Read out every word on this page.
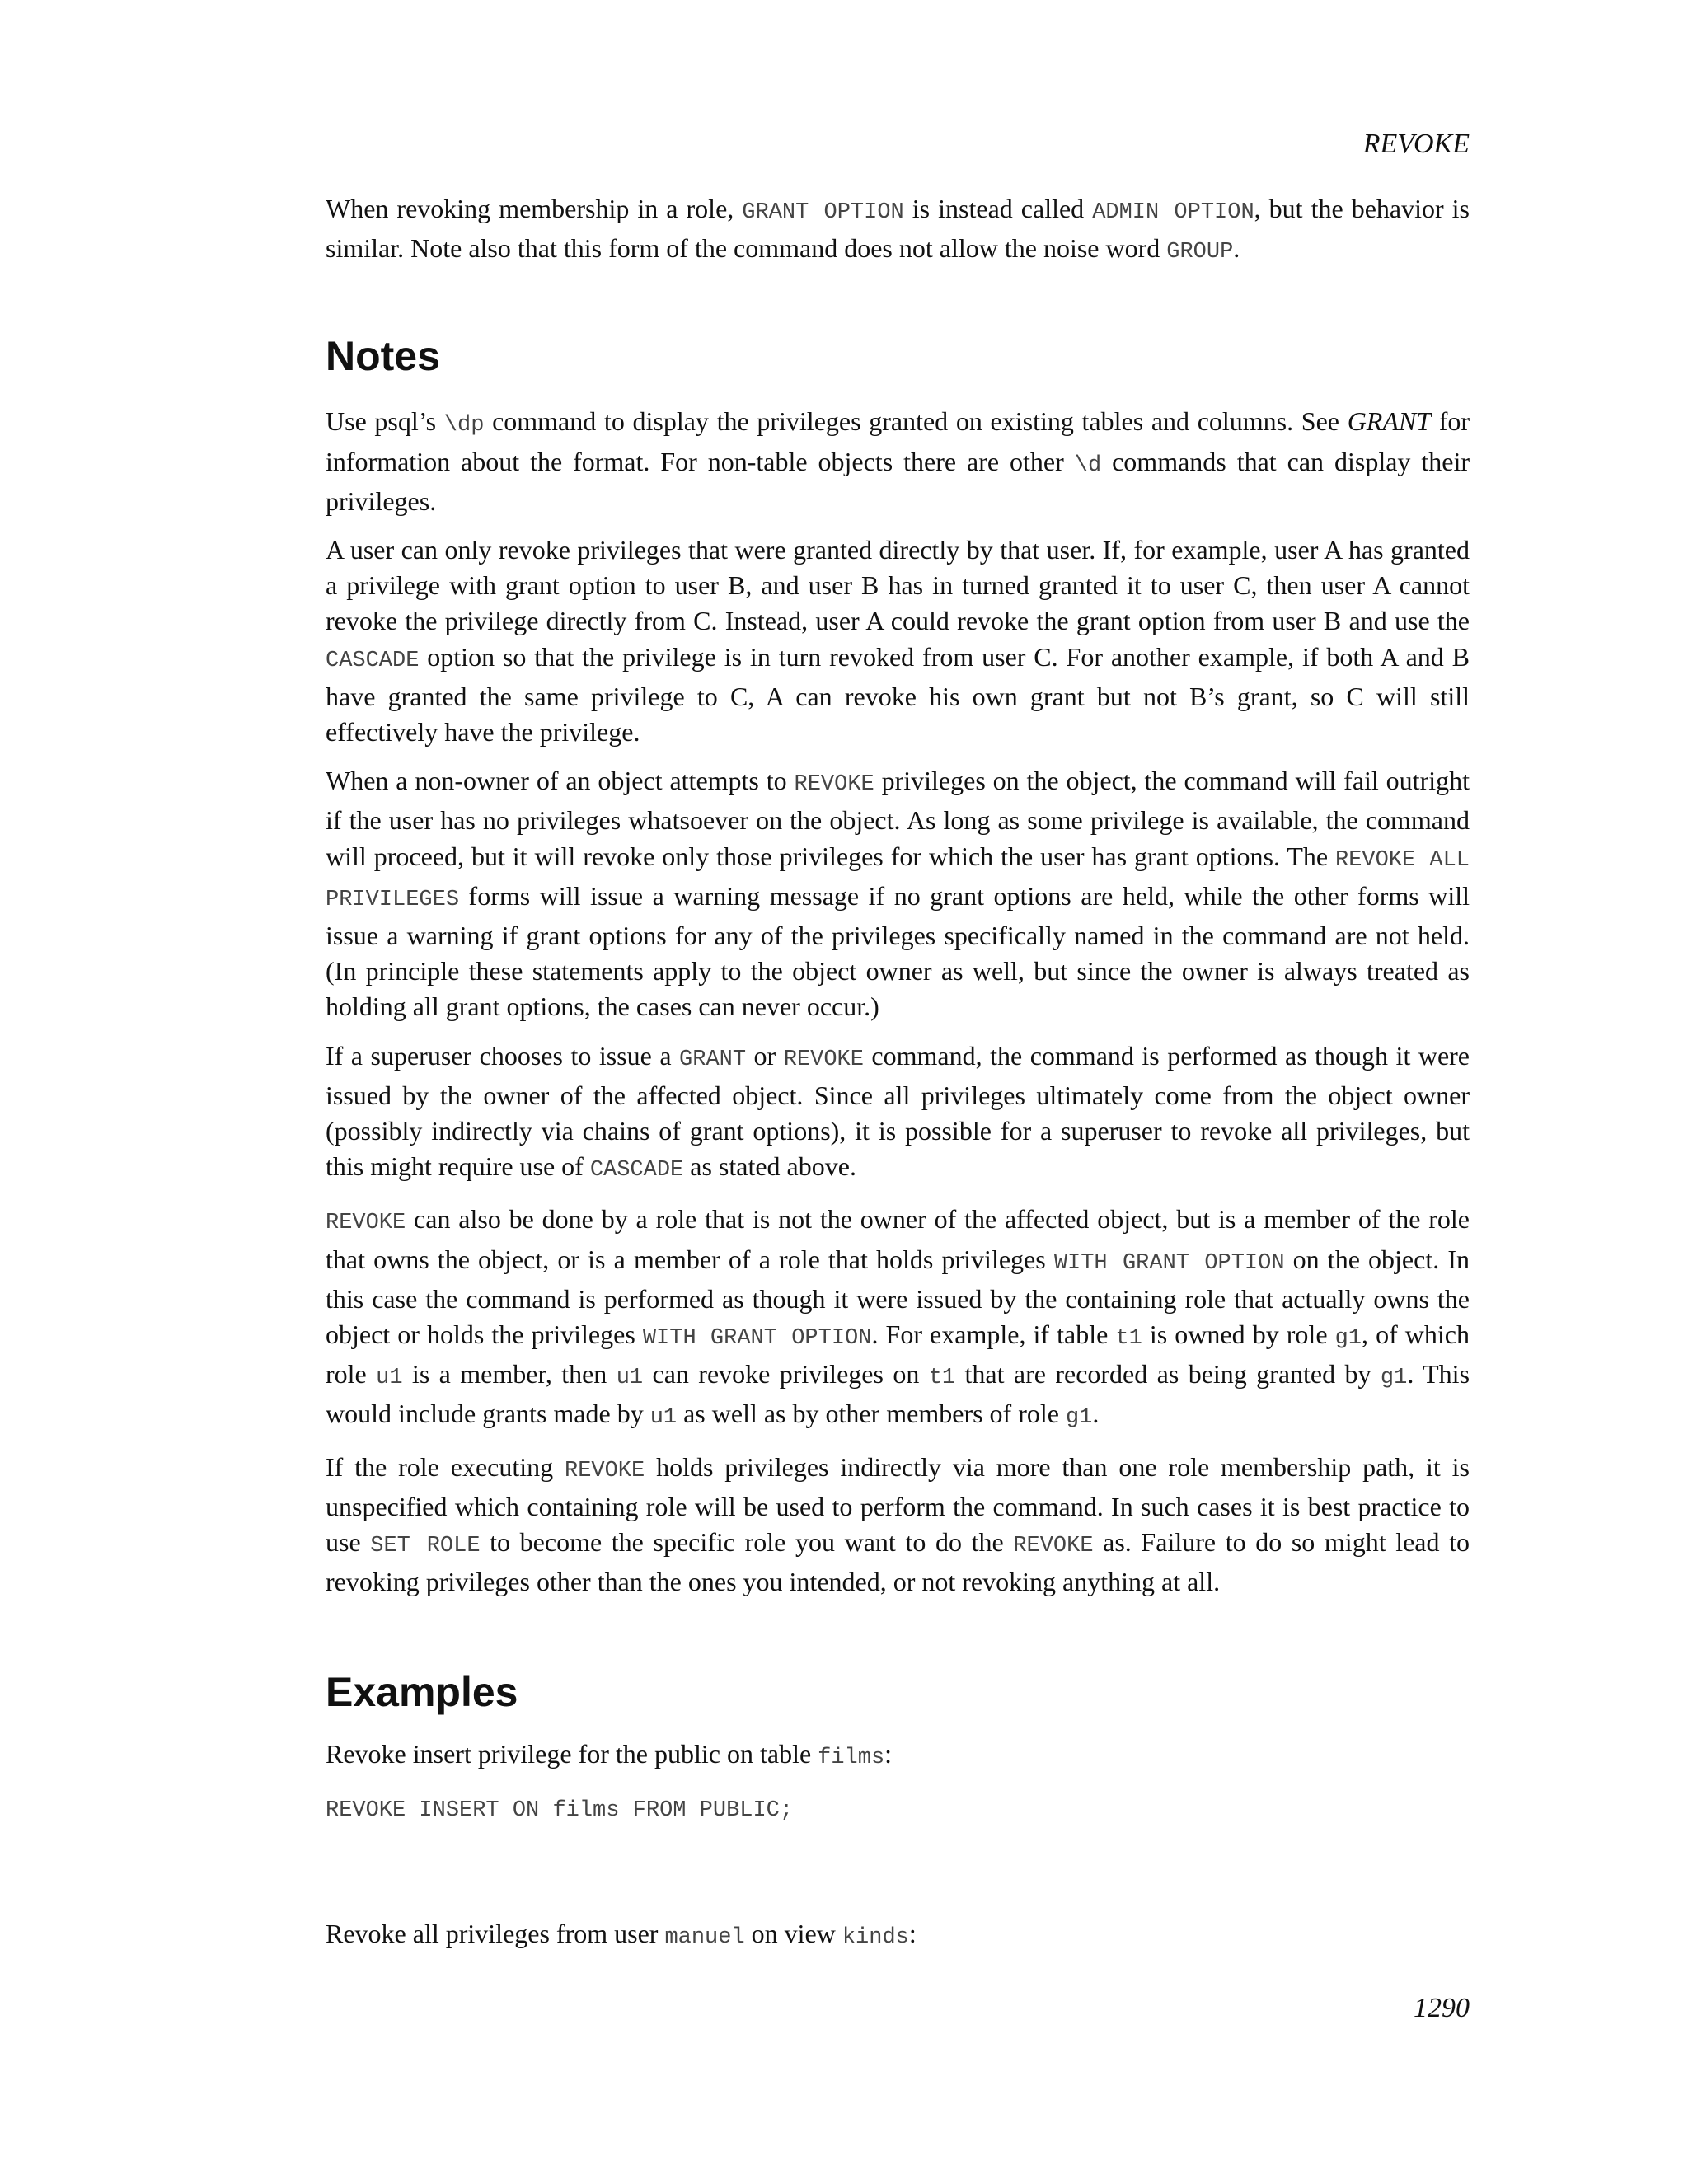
REVOKE

When revoking membership in a role, GRANT OPTION is instead called ADMIN OPTION, but the behavior is similar. Note also that this form of the command does not allow the noise word GROUP.

Notes

Use psql’s \dp command to display the privileges granted on existing tables and columns. See GRANT for information about the format. For non-table objects there are other \d commands that can display their privileges.

A user can only revoke privileges that were granted directly by that user. If, for example, user A has granted a privilege with grant option to user B, and user B has in turned granted it to user C, then user A cannot revoke the privilege directly from C. Instead, user A could revoke the grant option from user B and use the CASCADE option so that the privilege is in turn revoked from user C. For another example, if both A and B have granted the same privilege to C, A can revoke his own grant but not B’s grant, so C will still effectively have the privilege.

When a non-owner of an object attempts to REVOKE privileges on the object, the command will fail outright if the user has no privileges whatsoever on the object. As long as some privilege is available, the command will proceed, but it will revoke only those privileges for which the user has grant options. The REVOKE ALL PRIVILEGES forms will issue a warning message if no grant options are held, while the other forms will issue a warning if grant options for any of the privileges specifically named in the command are not held. (In principle these statements apply to the object owner as well, but since the owner is always treated as holding all grant options, the cases can never occur.)

If a superuser chooses to issue a GRANT or REVOKE command, the command is performed as though it were issued by the owner of the affected object. Since all privileges ultimately come from the object owner (possibly indirectly via chains of grant options), it is possible for a superuser to revoke all privileges, but this might require use of CASCADE as stated above.

REVOKE can also be done by a role that is not the owner of the affected object, but is a member of the role that owns the object, or is a member of a role that holds privileges WITH GRANT OPTION on the object. In this case the command is performed as though it were issued by the containing role that actually owns the object or holds the privileges WITH GRANT OPTION. For example, if table t1 is owned by role g1, of which role u1 is a member, then u1 can revoke privileges on t1 that are recorded as being granted by g1. This would include grants made by u1 as well as by other members of role g1.

If the role executing REVOKE holds privileges indirectly via more than one role membership path, it is unspecified which containing role will be used to perform the command. In such cases it is best practice to use SET ROLE to become the specific role you want to do the REVOKE as. Failure to do so might lead to revoking privileges other than the ones you intended, or not revoking anything at all.

Examples

Revoke insert privilege for the public on table films:

REVOKE INSERT ON films FROM PUBLIC;

Revoke all privileges from user manuel on view kinds:

1290
